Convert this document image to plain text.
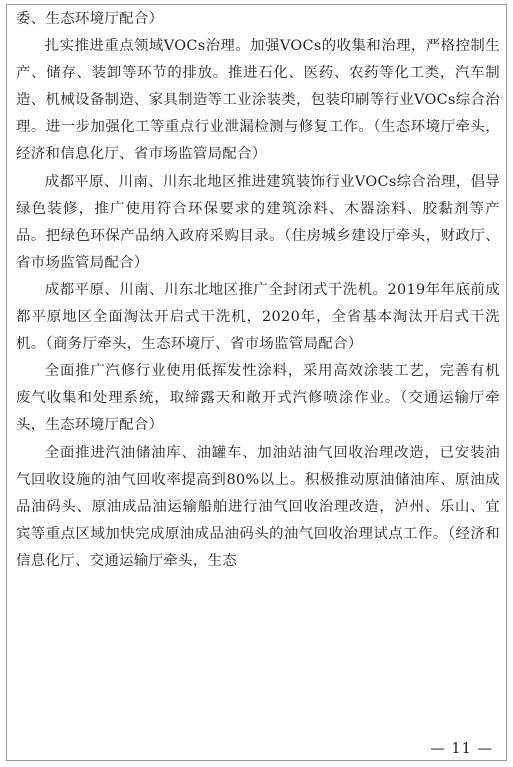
委、生态环境厅配合）

扎实推进重点领域VOCs治理。加强VOCs的收集和治理，严格控制生产、储存、装卸等环节的排放。推进石化、医药、农药等化工类，汽车制造、机械设备制造、家具制造等工业涂装类，包装印刷等行业VOCs综合治理。进一步加强化工等重点行业泄漏检测与修复工作。（生态环境厅牵头，经济和信息化厅、省市场监管局配合）

成都平原、川南、川东北地区推进建筑装饰行业VOCs综合治理，倡导绿色装修，推广使用符合环保要求的建筑涂料、木器涂料、胶黏剂等产品。把绿色环保产品纳入政府采购目录。（住房城乡建设厅牵头，财政厅、省市场监管局配合）

成都平原、川南、川东北地区推广全封闭式干洗机。2019年年底前成都平原地区全面淘汰开启式干洗机，2020年，全省基本淘汰开启式干洗机。（商务厅牵头，生态环境厅、省市场监管局配合）

全面推广汽修行业使用低挥发性涂料，采用高效涂装工艺，完善有机废气收集和处理系统，取缔露天和敞开式汽修喷涂作业。（交通运输厅牵头，生态环境厅配合）

全面推进汽油储油库、油罐车、加油站油气回收治理改造，已安装油气回收设施的油气回收率提高到80%以上。积极推动原油储油库、原油成品油码头、原油成品油运输船舶进行油气回收治理改造，泸州、乐山、宜宾等重点区域加快完成原油成品油码头的油气回收治理试点工作。（经济和信息化厅、交通运输厅牵头，生态

— 11 —
